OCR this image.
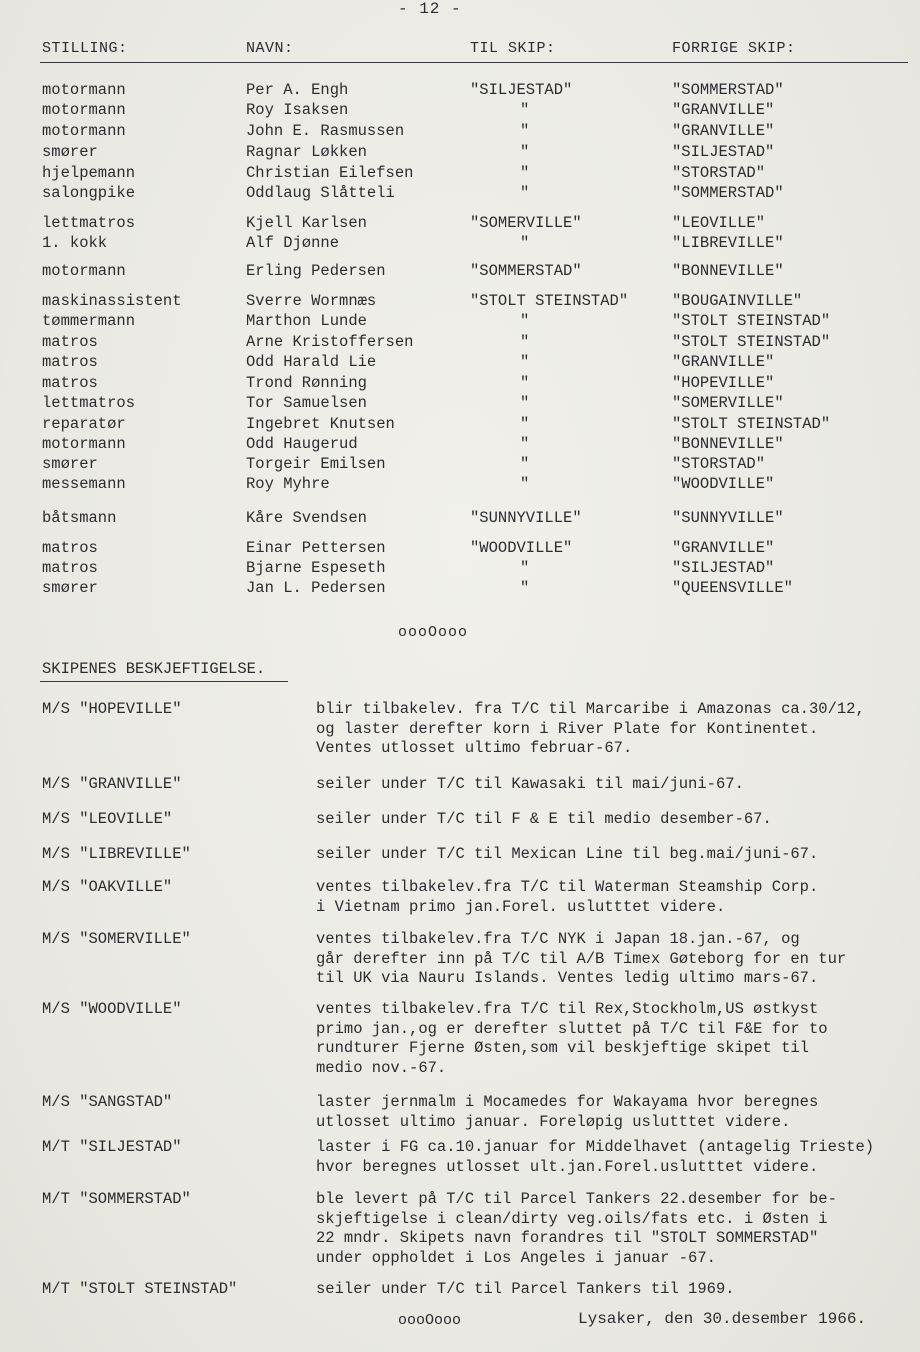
- 12 -
STILLING:	NAVN:	TIL SKIP:	FORRIGE SKIP:
motormann	Per A. Engh	"SILJESTAD"	"SOMMERSTAD"
motormann	Roy Isaksen	"	"GRANVILLE"
motormann	John E. Rasmussen	"	"GRANVILLE"
smører	Ragnar Løkken	"	"SILJESTAD"
hjelpemann	Christian Eilefsen	"	"STORSTAD"
salongpike	Oddlaug Slåtteli	"	"SOMMERSTAD"
lettmatros	Kjell Karlsen	"SOMERVILLE"	"LEOVILLE"
1. kokk	Alf Djønne	"	"LIBREVILLE"
motormann	Erling Pedersen	"SOMMERSTAD"	"BONNEVILLE"
maskinassistent	Sverre Wormnæs	"STOLT STEINSTAD"	"BOUGAINVILLE"
tømmermann	Marthon Lunde	"	"STOLT STEINSTAD"
matros	Arne Kristoffersen	"	"STOLT STEINSTAD"
matros	Odd Harald Lie	"	"GRANVILLE"
matros	Trond Rønning	"	"HOPEVILLE"
lettmatros	Tor Samuelsen	"	"SOMERVILLE"
reparatør	Ingebret Knutsen	"	"STOLT STEINSTAD"
motormann	Odd Haugerud	"	"BONNEVILLE"
smører	Torgeir Emilsen	"	"STORSTAD"
messemann	Roy Myhre	"	"WOODVILLE"
båtsmann	Kåre Svendsen	"SUNNYVILLE"	"SUNNYVILLE"
matros	Einar Pettersen	"WOODVILLE"	"GRANVILLE"
matros	Bjarne Espeseth	"	"SILJESTAD"
smører	Jan L. Pedersen	"	"QUEENSVILLE"
oooOooo
SKIPENES BESKJEFTIGELSE.
M/S "HOPEVILLE"	blir tilbakelev. fra T/C til Marcaribe i Amazonas ca.30/12,
og laster derefter korn i River Plate for Kontinentet.
Ventes utlosset ultimo februar-67.
M/S "GRANVILLE"	seiler under T/C til Kawasaki til mai/juni-67.
M/S "LEOVILLE"	seiler under T/C til F & E til medio desember-67.
M/S "LIBREVILLE"	seiler under T/C til Mexican Line til beg.mai/juni-67.
M/S "OAKVILLE"	ventes tilbakelev.fra T/C til Waterman Steamship Corp.
i Vietnam primo jan.Forel. uslutttet videre.
M/S "SOMERVILLE"	ventes tilbakelev.fra T/C NYK i Japan 18.jan.-67, og
går derefter inn på T/C til A/B Timex Gøteborg for en tur
til UK via Nauru Islands. Ventes ledig ultimo mars-67.
M/S "WOODVILLE"	ventes tilbakelev.fra T/C til Rex,Stockholm,US østkyst
primo jan.,og er derefter sluttet på T/C til F&E for to
rundturer Fjerne Østen,som vil beskjeftige skipet til
medio nov.-67.
M/S "SANGSTAD"	laster jernmalm i Mocamedes for Wakayama hvor beregnes
utlosset ultimo januar. Foreløpig uslutttet videre.
M/T "SILJESTAD"	laster i FG ca.10.januar for Middelhavet (antagelig Trieste)
hvor beregnes utlosset ult.jan.Forel.uslutttet videre.
M/T "SOMMERSTAD"	ble levert på T/C til Parcel Tankers 22.desember for be-
skjeftigelse i clean/dirty veg.oils/fats etc. i Østen i
22 mndr. Skipets navn forandres til "STOLT SOMMERSTAD"
under oppholdet i Los Angeles i januar -67.
M/T "STOLT STEINSTAD"	seiler under T/C til Parcel Tankers til 1969.
oooOooo	Lysaker, den 30.desember 1966.
